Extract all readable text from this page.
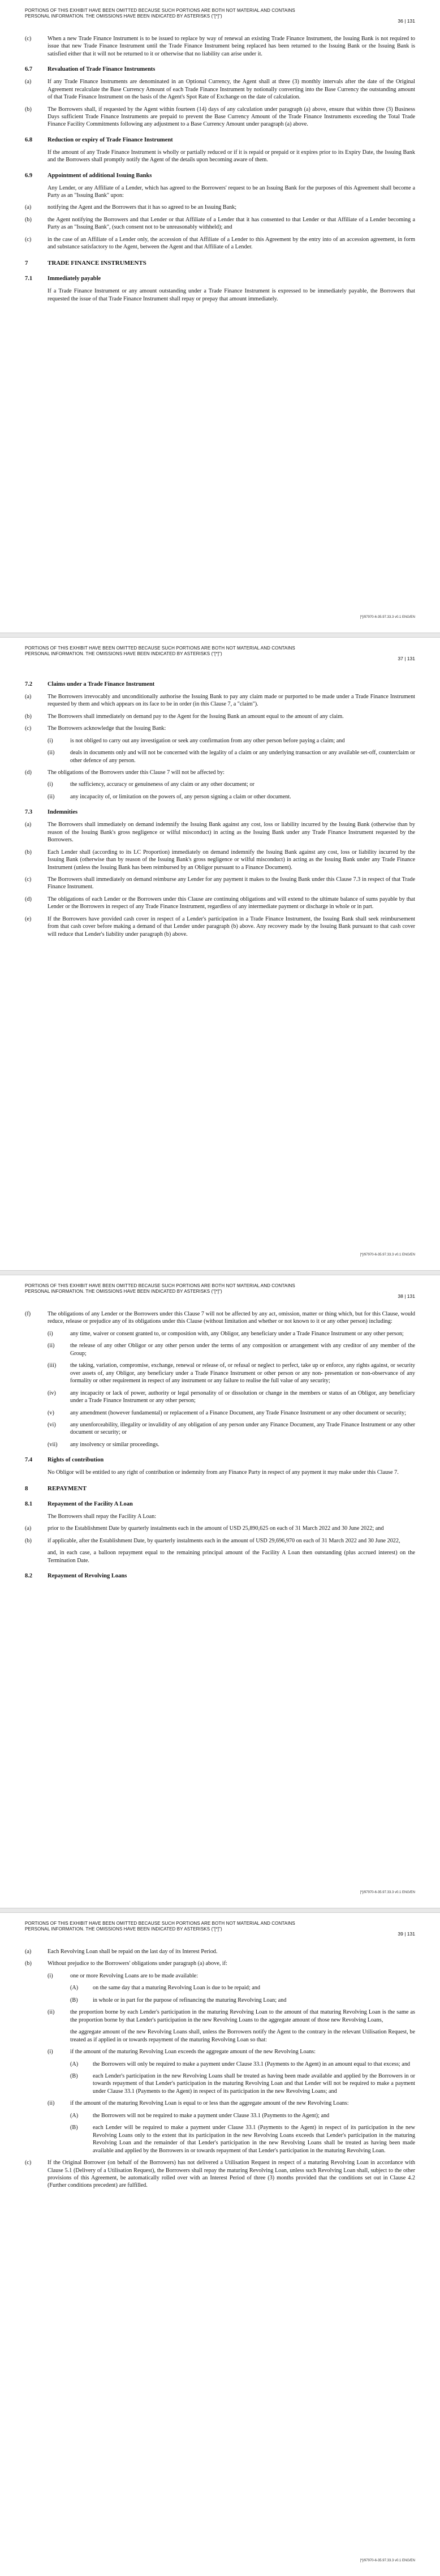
PORTIONS OF THIS EXHIBIT HAVE BEEN OMITTED BECAUSE SUCH PORTIONS ARE BOTH NOT MATERIAL AND CONTAINS PERSONAL INFORMATION. THE OMISSIONS HAVE BEEN INDICATED BY ASTERISKS ("[*]")
36 | 131
(c)	When a new Trade Finance Instrument is to be issued to replace by way of renewal an existing Trade Finance Instrument, the Issuing Bank is not required to issue that new Trade Finance Instrument until the Trade Finance Instrument being replaced has been returned to the Issuing Bank or the Issuing Bank is satisfied either that it will not be returned to it or otherwise that no liability can arise under it.
6.7	Revaluation of Trade Finance Instruments
(a)	If any Trade Finance Instruments are denominated in an Optional Currency, the Agent shall at three (3) monthly intervals after the date of the Original Agreement recalculate the Base Currency Amount of each Trade Finance Instrument by notionally converting into the Base Currency the outstanding amount of that Trade Finance Instrument on the basis of the Agent's Spot Rate of Exchange on the date of calculation.
(b)	The Borrowers shall, if requested by the Agent within fourteen (14) days of any calculation under paragraph (a) above, ensure that within three (3) Business Days sufficient Trade Finance Instruments are prepaid to prevent the Base Currency Amount of the Trade Finance Instruments exceeding the Total Trade Finance Facility Commitments following any adjustment to a Base Currency Amount under paragraph (a) above.
6.8	Reduction or expiry of Trade Finance Instrument
If the amount of any Trade Finance Instrument is wholly or partially reduced or if it is repaid or prepaid or it expires prior to its Expiry Date, the Issuing Bank and the Borrowers shall promptly notify the Agent of the details upon becoming aware of them.
6.9	Appointment of additional Issuing Banks
Any Lender, or any Affiliate of a Lender, which has agreed to the Borrowers' request to be an Issuing Bank for the purposes of this Agreement shall become a Party as an "Issuing Bank" upon:
(a)	notifying the Agent and the Borrowers that it has so agreed to be an Issuing Bank;
(b)	the Agent notifying the Borrowers and that Lender or that Affiliate of a Lender that it has consented to that Lender or that Affiliate of a Lender becoming a Party as an "Issuing Bank", (such consent not to be unreasonably withheld); and
(c)	in the case of an Affiliate of a Lender only, the accession of that Affiliate of a Lender to this Agreement by the entry into of an accession agreement, in form and substance satisfactory to the Agent, between the Agent and that Affiliate of a Lender.
7	TRADE FINANCE INSTRUMENTS
7.1	Immediately payable
If a Trade Finance Instrument or any amount outstanding under a Trade Finance Instrument is expressed to be immediately payable, the Borrowers that requested the issue of that Trade Finance Instrument shall repay or prepay that amount immediately.
[*]/97970-6-35.97.33.3 v0.1 ENG/EN
PORTIONS OF THIS EXHIBIT HAVE BEEN OMITTED BECAUSE SUCH PORTIONS ARE BOTH NOT MATERIAL AND CONTAINS PERSONAL INFORMATION. THE OMISSIONS HAVE BEEN INDICATED BY ASTERISKS ("[*]")
37 | 131
7.2	Claims under a Trade Finance Instrument
(a)	The Borrowers irrevocably and unconditionally authorise the Issuing Bank to pay any claim made or purported to be made under a Trade Finance Instrument requested by them and which appears on its face to be in order (in this Clause 7, a "claim").
(b)	The Borrowers shall immediately on demand pay to the Agent for the Issuing Bank an amount equal to the amount of any claim.
(c)	The Borrowers acknowledge that the Issuing Bank:
(i)	is not obliged to carry out any investigation or seek any confirmation from any other person before paying a claim; and
(ii)	deals in documents only and will not be concerned with the legality of a claim or any underlying transaction or any available set-off, counterclaim or other defence of any person.
(d)	The obligations of the Borrowers under this Clause 7 will not be affected by:
(i)	the sufficiency, accuracy or genuineness of any claim or any other document; or
(ii)	any incapacity of, or limitation on the powers of, any person signing a claim or other document.
7.3	Indemnities
(a)	The Borrowers shall immediately on demand indemnify the Issuing Bank against any cost, loss or liability incurred by the Issuing Bank (otherwise than by reason of the Issuing Bank's gross negligence or wilful misconduct) in acting as the Issuing Bank under any Trade Finance Instrument requested by the Borrowers.
(b)	Each Lender shall (according to its LC Proportion) immediately on demand indemnify the Issuing Bank against any cost, loss or liability incurred by the Issuing Bank (otherwise than by reason of the Issuing Bank's gross negligence or wilful misconduct) in acting as the Issuing Bank under any Trade Finance Instrument (unless the Issuing Bank has been reimbursed by an Obligor pursuant to a Finance Document).
(c)	The Borrowers shall immediately on demand reimburse any Lender for any payment it makes to the Issuing Bank under this Clause 7.3 in respect of that Trade Finance Instrument.
(d)	The obligations of each Lender or the Borrowers under this Clause are continuing obligations and will extend to the ultimate balance of sums payable by that Lender or the Borrowers in respect of any Trade Finance Instrument, regardless of any intermediate payment or discharge in whole or in part.
(e)	If the Borrowers have provided cash cover in respect of a Lender's participation in a Trade Finance Instrument, the Issuing Bank shall seek reimbursement from that cash cover before making a demand of that Lender under paragraph (b) above. Any recovery made by the Issuing Bank pursuant to that cash cover will reduce that Lender's liability under paragraph (b) above.
[*]/97970-6-35.97.33.3 v0.1 ENG/EN
PORTIONS OF THIS EXHIBIT HAVE BEEN OMITTED BECAUSE SUCH PORTIONS ARE BOTH NOT MATERIAL AND CONTAINS PERSONAL INFORMATION. THE OMISSIONS HAVE BEEN INDICATED BY ASTERISKS ("[*]")
38 | 131
(f)	The obligations of any Lender or the Borrowers under this Clause 7 will not be affected by any act, omission, matter or thing which, but for this Clause, would reduce, release or prejudice any of its obligations under this Clause (without limitation and whether or not known to it or any other person) including:
(i)	any time, waiver or consent granted to, or composition with, any Obligor, any beneficiary under a Trade Finance Instrument or any other person;
(ii)	the release of any other Obligor or any other person under the terms of any composition or arrangement with any creditor of any member of the Group;
(iii)	the taking, variation, compromise, exchange, renewal or release of, or refusal or neglect to perfect, take up or enforce, any rights against, or security over assets of, any Obligor, any beneficiary under a Trade Finance Instrument or other person or any non- presentation or non-observance of any formality or other requirement in respect of any instrument or any failure to realise the full value of any security;
(iv)	any incapacity or lack of power, authority or legal personality of or dissolution or change in the members or status of an Obligor, any beneficiary under a Trade Finance Instrument or any other person;
(v)	any amendment (however fundamental) or replacement of a Finance Document, any Trade Finance Instrument or any other document or security;
(vi)	any unenforceability, illegality or invalidity of any obligation of any person under any Finance Document, any Trade Finance Instrument or any other document or security; or
(vii)	any insolvency or similar proceedings.
7.4	Rights of contribution
No Obligor will be entitled to any right of contribution or indemnity from any Finance Party in respect of any payment it may make under this Clause 7.
8	REPAYMENT
8.1	Repayment of the Facility A Loan
The Borrowers shall repay the Facility A Loan:
(a)	prior to the Establishment Date by quarterly instalments each in the amount of USD 25,890,625 on each of 31 March 2022 and 30 June 2022; and
(b)	if applicable, after the Establishment Date, by quarterly instalments each in the amount of USD 29,696,970 on each of 31 March 2022 and 30 June 2022,
and, in each case, a balloon repayment equal to the remaining principal amount of the Facility A Loan then outstanding (plus accrued interest) on the Termination Date.
8.2	Repayment of Revolving Loans
[*]/97970-6-35.97.33.3 v0.1 ENG/EN
PORTIONS OF THIS EXHIBIT HAVE BEEN OMITTED BECAUSE SUCH PORTIONS ARE BOTH NOT MATERIAL AND CONTAINS PERSONAL INFORMATION. THE OMISSIONS HAVE BEEN INDICATED BY ASTERISKS ("[*]")
39 | 131
(a)	Each Revolving Loan shall be repaid on the last day of its Interest Period.
(b)	Without prejudice to the Borrowers' obligations under paragraph (a) above, if:
(i)	one or more Revolving Loans are to be made available:
(A)	on the same day that a maturing Revolving Loan is due to be repaid; and
(B)	in whole or in part for the purpose of refinancing the maturing Revolving Loan; and
(ii)	the proportion borne by each Lender's participation in the maturing Revolving Loan to the amount of that maturing Revolving Loan is the same as the proportion borne by that Lender's participation in the new Revolving Loans to the aggregate amount of those new Revolving Loans,
the aggregate amount of the new Revolving Loans shall, unless the Borrowers notify the Agent to the contrary in the relevant Utilisation Request, be treated as if applied in or towards repayment of the maturing Revolving Loan so that:
(i)	if the amount of the maturing Revolving Loan exceeds the aggregate amount of the new Revolving Loans:
(A)	the Borrowers will only be required to make a payment under Clause 33.1 (Payments to the Agent) in an amount equal to that excess; and
(B)	each Lender's participation in the new Revolving Loans shall be treated as having been made available and applied by the Borrowers in or towards repayment of that Lender's participation in the maturing Revolving Loan and that Lender will not be required to make a payment under Clause 33.1 (Payments to the Agent) in respect of its participation in the new Revolving Loans; and
(ii)	if the amount of the maturing Revolving Loan is equal to or less than the aggregate amount of the new Revolving Loans:
(A)	the Borrowers will not be required to make a payment under Clause 33.1 (Payments to the Agent); and
(B)	each Lender will be required to make a payment under Clause 33.1 (Payments to the Agent) in respect of its participation in the new Revolving Loans only to the extent that its participation in the new Revolving Loans exceeds that Lender's participation in the maturing Revolving Loan and the remainder of that Lender's participation in the new Revolving Loans shall be treated as having been made available and applied by the Borrowers in or towards repayment of that Lender's participation in the maturing Revolving Loan.
(c)	If the Original Borrower (on behalf of the Borrowers) has not delivered a Utilisation Request in respect of a maturing Revolving Loan in accordance with Clause 5.1 (Delivery of a Utilisation Request), the Borrowers shall repay the maturing Revolving Loan, unless such Revolving Loan shall, subject to the other provisions of this Agreement, be automatically rolled over with an Interest Period of three (3) months provided that the conditions set out in Clause 4.2 (Further conditions precedent) are fulfilled.
[*]/97970-6-35.97.33.3 v0.1 ENG/EN
